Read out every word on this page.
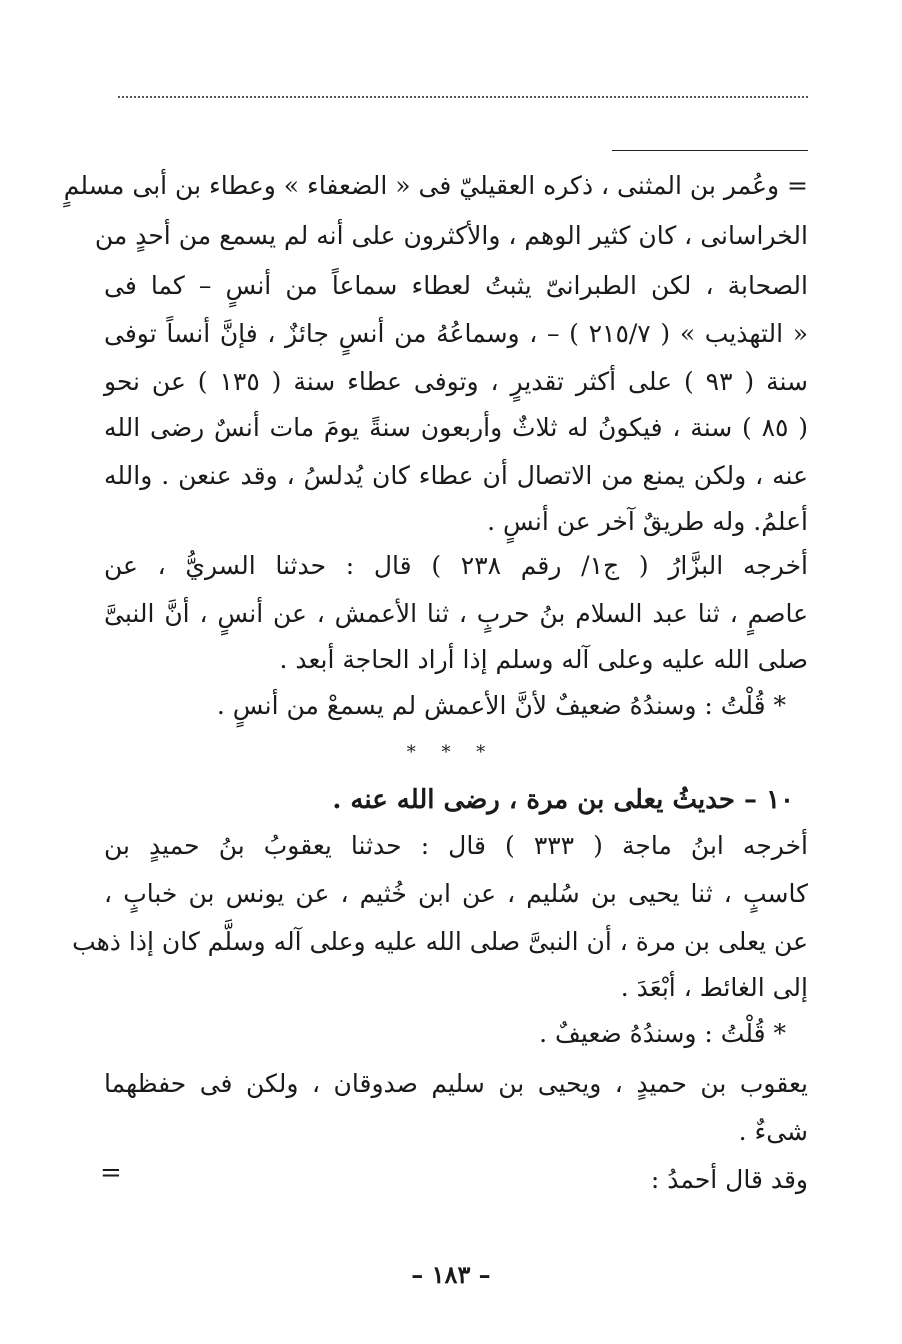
= وعُمر بن المثنى ، ذكره العقيليّ فى « الضعفاء » وعطاء بن أبى مسلمٍ
الخراسانى ، كان كثير الوهم ، والأكثرون على أنه لم يسمع من أحدٍ من
الصحابة ، لكن الطبرانىّ يثبتُ لعطاء سماعاً من أنسٍ – كما فى
« التهذيب » ( ٢١٥/٧ ) – ، وسماعُهُ من أنسٍ جائزٌ ، فإنَّ أنساً توفى
سنة ( ٩٣ ) على أكثر تقديرٍ ، وتوفى عطاء سنة ( ١٣٥ ) عن نحو
( ٨٥ ) سنة ، فيكونُ له ثلاثٌ وأربعون سنةً يومَ مات أنسٌ رضى الله
عنه ، ولكن يمنع من الاتصال أن عطاء كان يُدلسُ ، وقد عنعن . والله
أعلمُ. وله طريقٌ آخر عن أنسٍ .
أخرجه البزَّارُ ( ج١/ رقم ٢٣٨ ) قال : حدثنا السريُّ ، عن
عاصمٍ ، ثنا عبد السلام بنُ حربٍ ، ثنا الأعمش ، عن أنسٍ ، أنَّ النبىَّ
صلى الله عليه وعلى آله وسلم إذا أراد الحاجة أبعد .
* قُلْتُ : وسندُهُ ضعيفٌ لأنَّ الأعمش لم يسمعْ من أنسٍ .
* * *
١٠ – حديثُ يعلى بن مرة ، رضى الله عنه .
أخرجه ابنُ ماجة ( ٣٣٣ ) قال : حدثنا يعقوبُ بنُ حميدٍ بن
كاسبٍ ، ثنا يحيى بن سُليم ، عن ابن خُثيم ، عن يونس بن خبابٍ ،
عن يعلى بن مرة ، أن النبىَّ صلى الله عليه وعلى آله وسلَّم كان إذا ذهب
إلى الغائط ، أبْعَدَ .
* قُلْتُ : وسندُهُ ضعيفٌ .
يعقوب بن حميدٍ ، ويحيى بن سليم صدوقان ، ولكن فى حفظهما
شىءٌ .
وقد قال أحمدُ :
=
– ١٨٣ –
